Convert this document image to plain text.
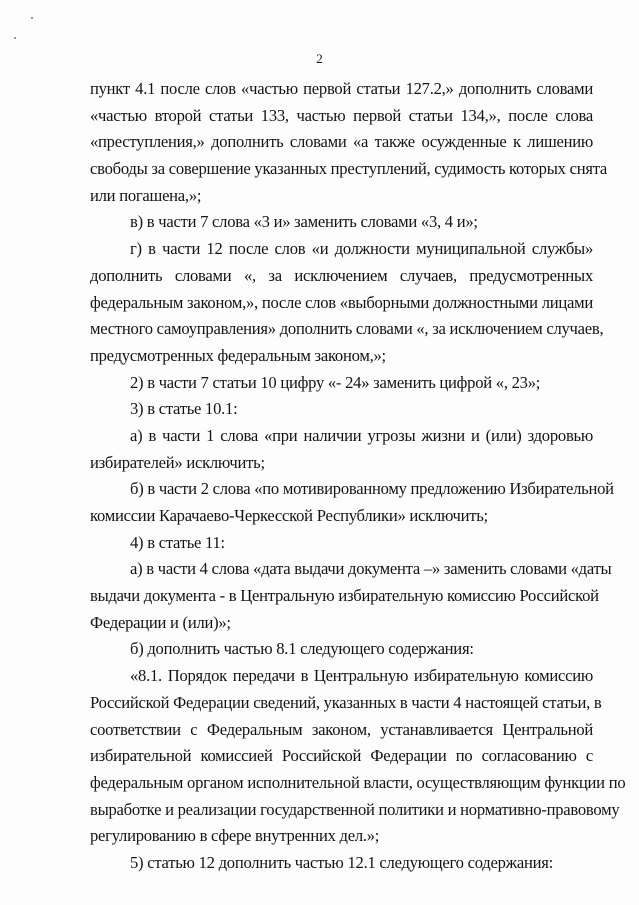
2
пункт 4.1 после слов «частью первой статьи 127.2,» дополнить словами
«частью второй статьи 133, частью первой статьи 134,», после слова
«преступления,» дополнить словами «а также осужденные к лишению
свободы за совершение указанных преступлений, судимость которых снята
или погашена,»;
в) в части 7 слова «3 и» заменить словами «3, 4 и»;
г) в части 12 после слов «и должности муниципальной службы»
дополнить словами «, за исключением случаев, предусмотренных
федеральным законом,», после слов «выборными должностными лицами
местного самоуправления» дополнить словами «, за исключением случаев,
предусмотренных федеральным законом,»;
2) в части 7 статьи 10 цифру «- 24» заменить цифрой «, 23»;
3) в статье 10.1:
а) в части 1 слова «при наличии угрозы жизни и (или) здоровью
избирателей» исключить;
б) в части 2 слова «по мотивированному предложению Избирательной
комиссии Карачаево-Черкесской Республики» исключить;
4) в статье 11:
а) в части 4 слова «дата выдачи документа –» заменить словами «даты
выдачи документа - в Центральную избирательную комиссию Российской
Федерации и (или)»;
б) дополнить частью 8.1 следующего содержания:
«8.1. Порядок передачи в Центральную избирательную комиссию
Российской Федерации сведений, указанных в части 4 настоящей статьи, в
соответствии с Федеральным законом, устанавливается Центральной
избирательной комиссией Российской Федерации по согласованию с
федеральным органом исполнительной власти, осуществляющим функции по
выработке и реализации государственной политики и нормативно-правовому
регулированию в сфере внутренних дел.»;
5) статью 12 дополнить частью 12.1 следующего содержания:
